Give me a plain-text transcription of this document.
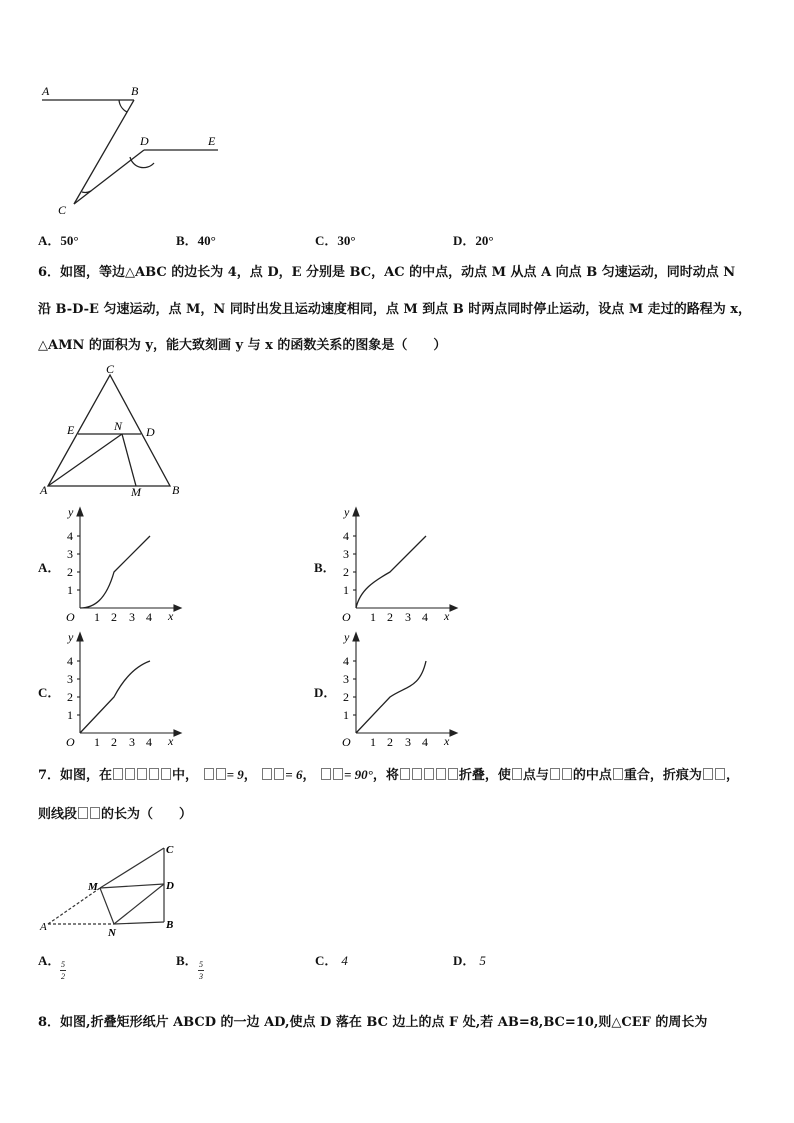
A	B
D	E
C
A．50°	B．40°	C．30°	D．20°
6．如图，等边△ABC 的边长为 4，点 D，E 分别是 BC，AC 的中点，动点 M 从点 A 向点 B 匀速运动，同时动点 N
沿 B-D-E 匀速运动，点 M，N 同时出发且运动速度相同，点 M 到点 B 时两点同时停止运动，设点 M 走过的路程为 x，
△AMN 的面积为 y，能大致刻画 y 与 x 的函数关系的图象是（　　）
C
E	N D
A	M	B
A．	B．
C．	D．
y
x
O
1
2
3
4
1 2 3 4
y
x
O
1
2
3
4
1 2 3 4
y
x
O
1
2
3
4
1 2 3 4
y
x
O
1
2
3
4
1 2 3 4
7．如图，在	中， = 9， = 6， = 90°，将	折叠，使 点与 的中点 重合，折痕为 ，
则线段 的长为（　　）
C
M	D
A	B
N
A． 5
2
B． 5
3
C． 4	D． 5
8．如图,折叠矩形纸片 ABCD 的一边 AD,使点 D 落在 BC 边上的点 F 处,若 AB=8,BC=10,则△CEF 的周长为
